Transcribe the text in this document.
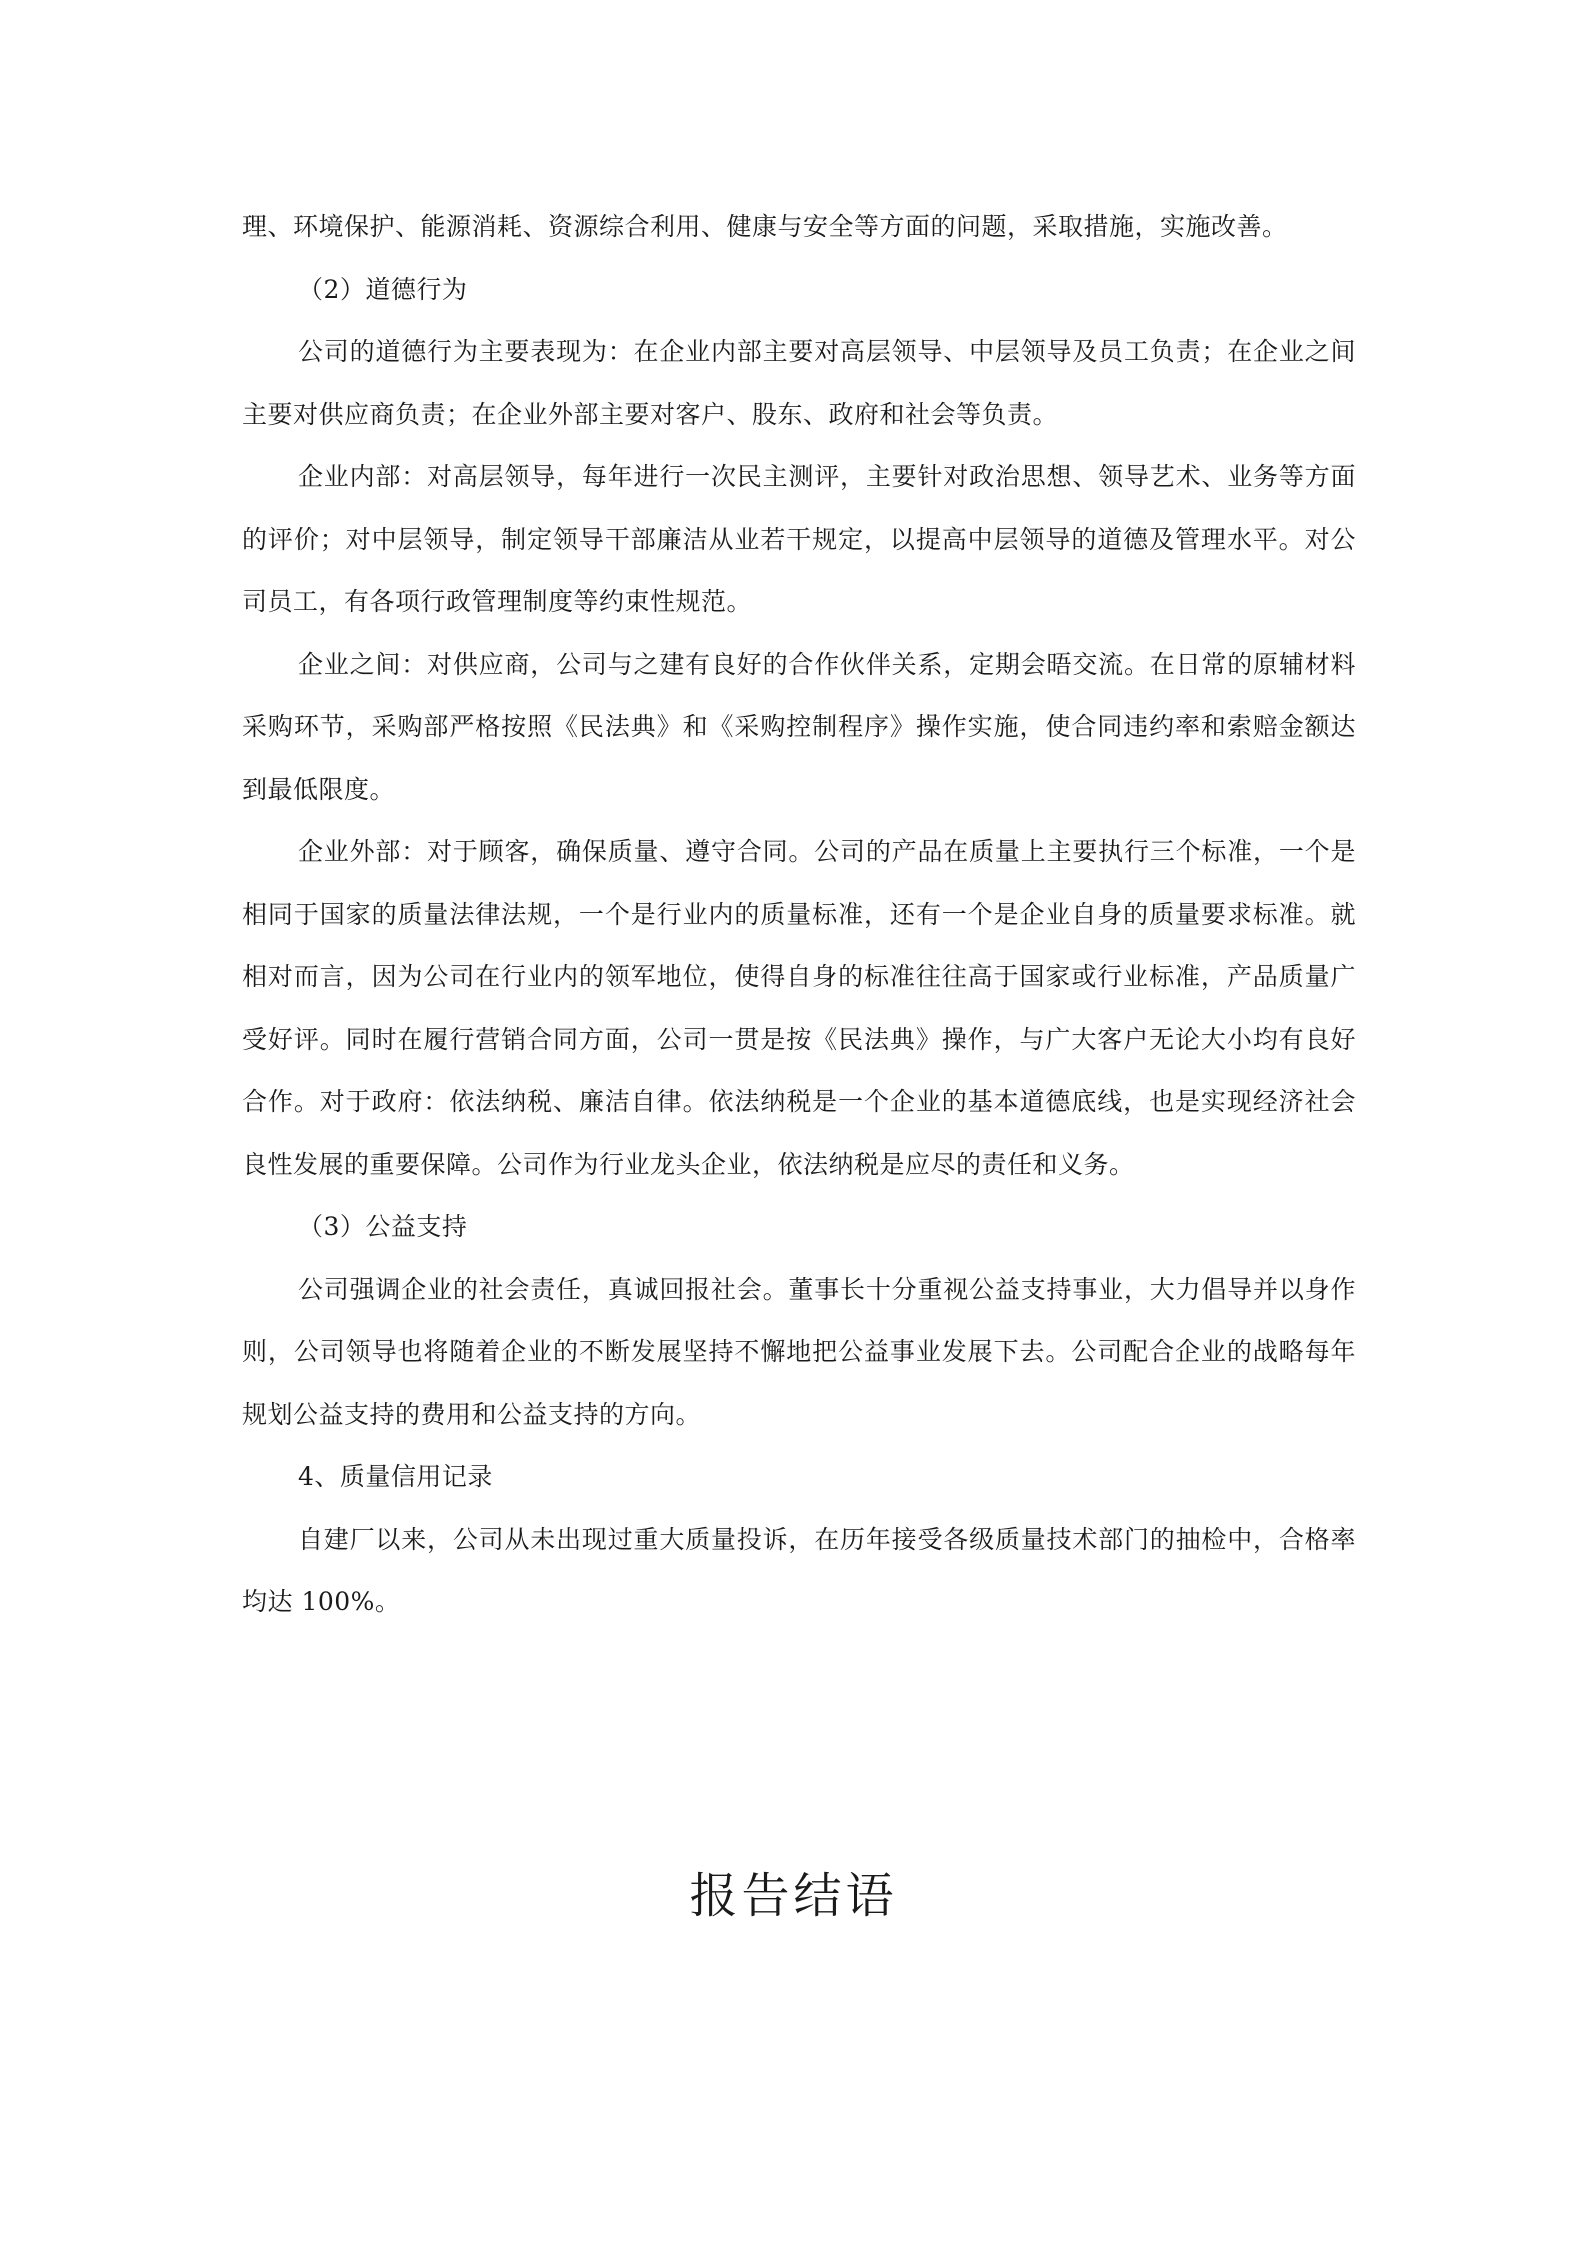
理、环境保护、能源消耗、资源综合利用、健康与安全等方面的问题，采取措施，实施改善。

（2）道德行为

公司的道德行为主要表现为：在企业内部主要对高层领导、中层领导及员工负责；在企业之间主要对供应商负责；在企业外部主要对客户、股东、政府和社会等负责。

企业内部：对高层领导，每年进行一次民主测评，主要针对政治思想、领导艺术、业务等方面的评价；对中层领导，制定领导干部廉洁从业若干规定，以提高中层领导的道德及管理水平。对公司员工，有各项行政管理制度等约束性规范。

企业之间：对供应商，公司与之建有良好的合作伙伴关系，定期会晤交流。在日常的原辅材料采购环节，采购部严格按照《民法典》和《采购控制程序》操作实施，使合同违约率和索赔金额达到最低限度。

企业外部：对于顾客，确保质量、遵守合同。公司的产品在质量上主要执行三个标准，一个是相同于国家的质量法律法规，一个是行业内的质量标准，还有一个是企业自身的质量要求标准。就相对而言，因为公司在行业内的领军地位，使得自身的标准往往高于国家或行业标准，产品质量广受好评。同时在履行营销合同方面，公司一贯是按《民法典》操作，与广大客户无论大小均有良好合作。对于政府：依法纳税、廉洁自律。依法纳税是一个企业的基本道德底线，也是实现经济社会良性发展的重要保障。公司作为行业龙头企业，依法纳税是应尽的责任和义务。

（3）公益支持

公司强调企业的社会责任，真诚回报社会。董事长十分重视公益支持事业，大力倡导并以身作则，公司领导也将随着企业的不断发展坚持不懈地把公益事业发展下去。公司配合企业的战略每年规划公益支持的费用和公益支持的方向。

4、质量信用记录

自建厂以来，公司从未出现过重大质量投诉，在历年接受各级质量技术部门的抽检中，合格率均达 100%。

报告结语
